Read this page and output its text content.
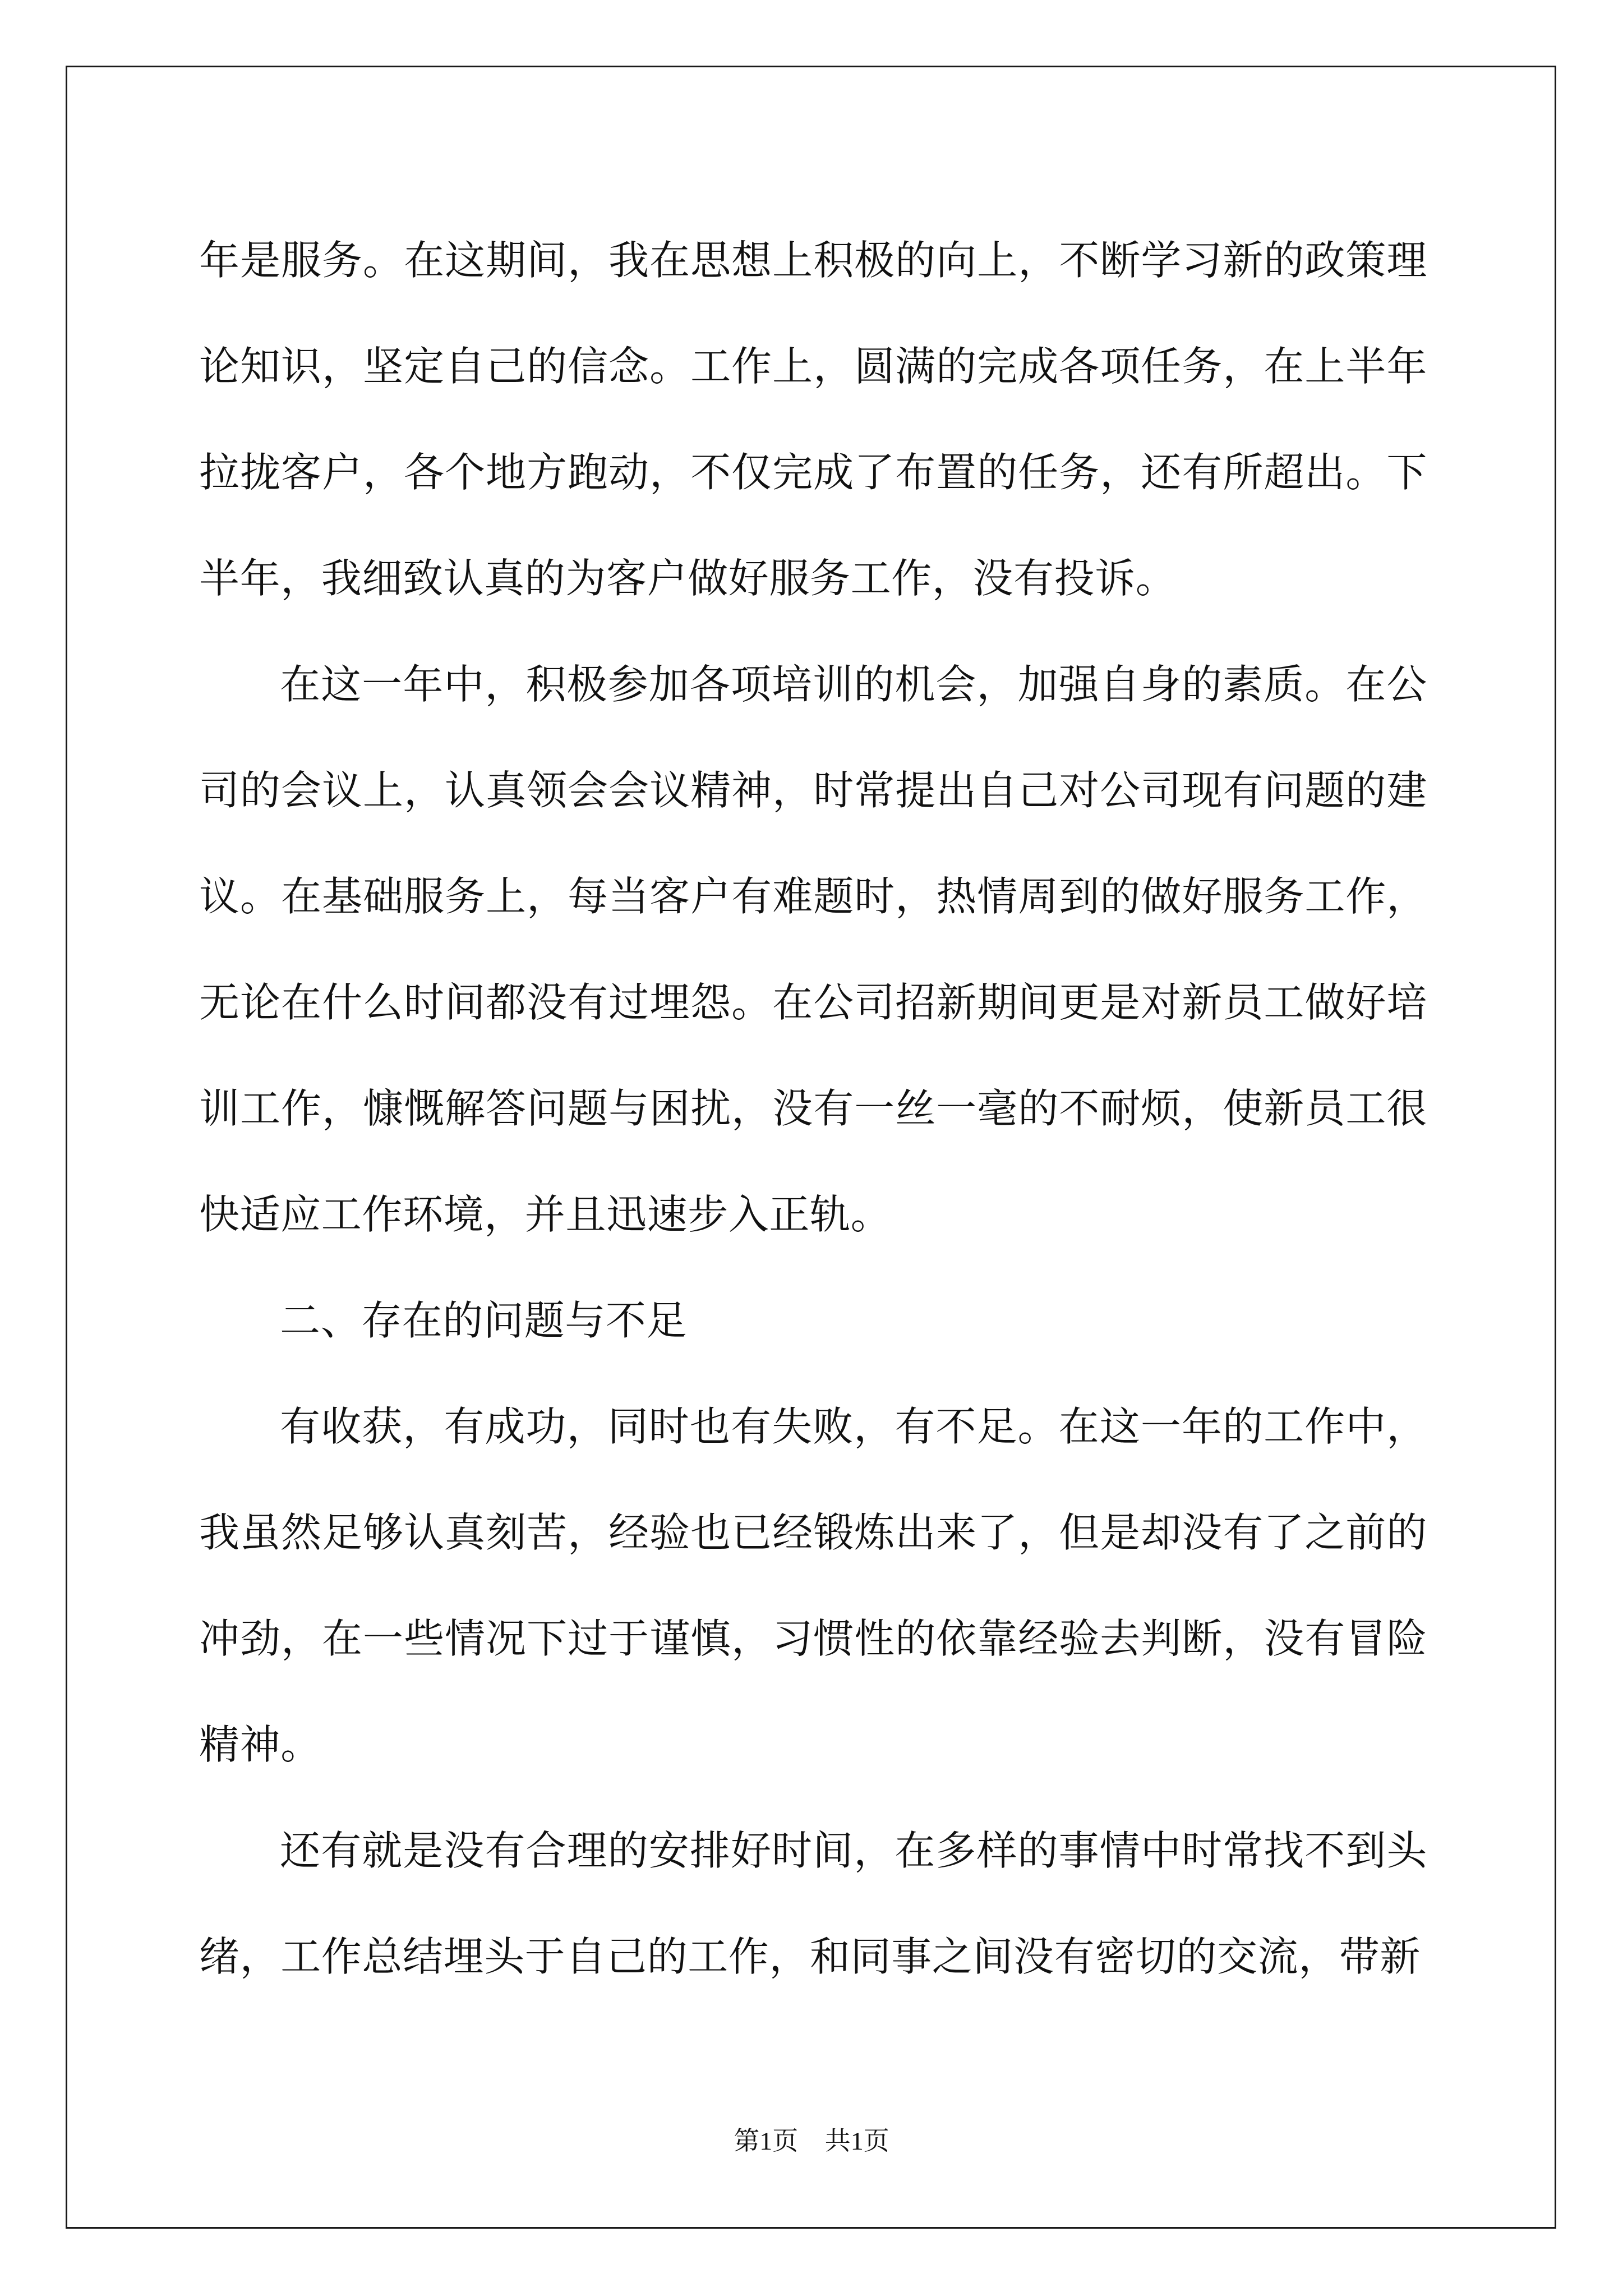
年是服务。在这期间，我在思想上积极的向上，不断学习新的政策理论知识，坚定自己的信念。工作上，圆满的完成各项任务，在上半年拉拢客户，各个地方跑动，不仅完成了布置的任务，还有所超出。下半年，我细致认真的为客户做好服务工作，没有投诉。

在这一年中，积极参加各项培训的机会，加强自身的素质。在公司的会议上，认真领会会议精神，时常提出自己对公司现有问题的建议。在基础服务上，每当客户有难题时，热情周到的做好服务工作，无论在什么时间都没有过埋怨。在公司招新期间更是对新员工做好培训工作，慷慨解答问题与困扰，没有一丝一毫的不耐烦，使新员工很快适应工作环境，并且迅速步入正轨。

二、存在的问题与不足

有收获，有成功，同时也有失败，有不足。在这一年的工作中，我虽然足够认真刻苦，经验也已经锻炼出来了，但是却没有了之前的冲劲，在一些情况下过于谨慎，习惯性的依靠经验去判断，没有冒险精神。

还有就是没有合理的安排好时间，在多样的事情中时常找不到头绪，工作总结埋头于自己的工作，和同事之间没有密切的交流，带新

第1页 共1页
